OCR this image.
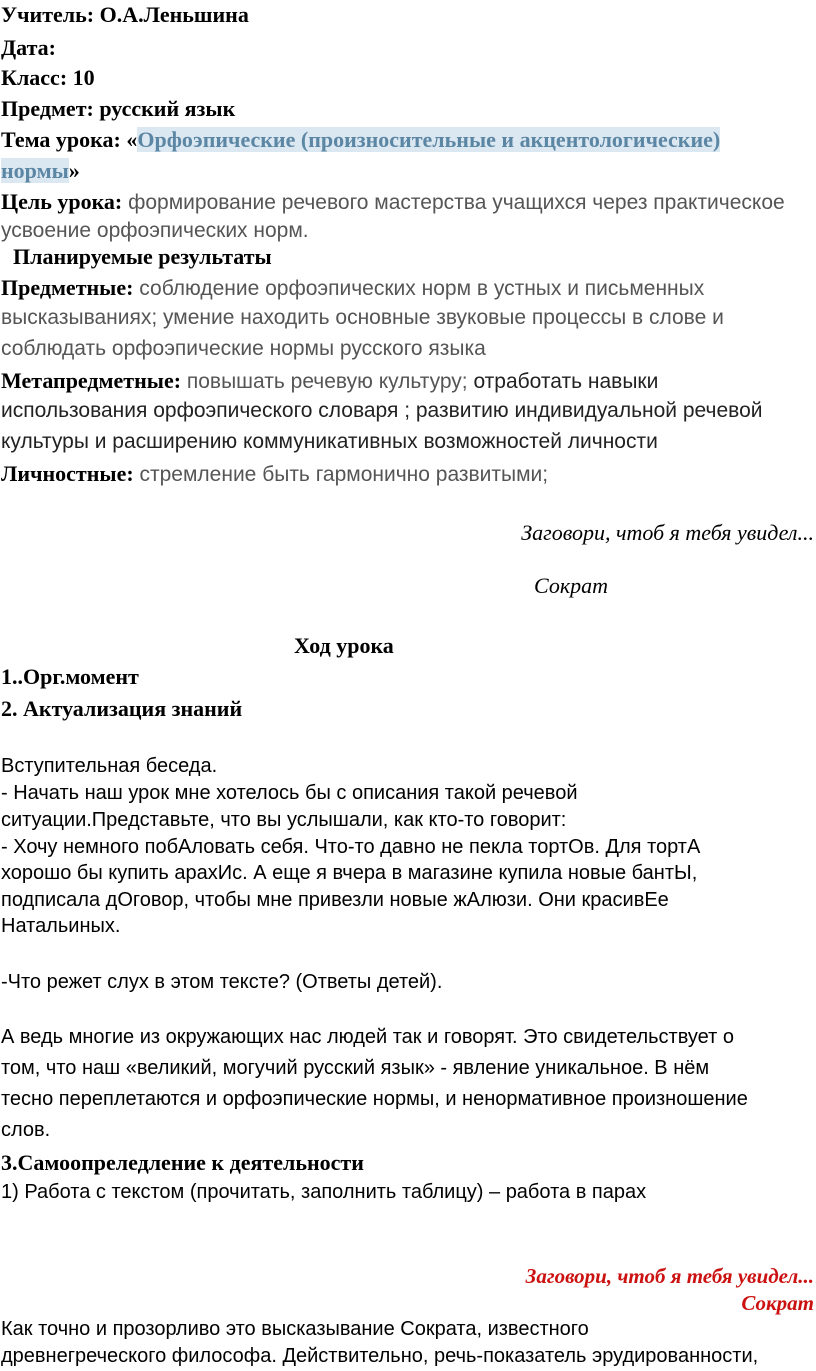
Учитель: О.А.Леньшина
Дата:
Класс: 10
Предмет: русский язык
Тема урока: «Орфоэпические (произносительные и акцентологические)
нормы»
Цель урока: формирование речевого мастерства учащихся через практическое
усвоение орфоэпических норм.
Планируемые результаты
Предметные: соблюдение орфоэпических норм в устных и письменных
высказываниях; умение находить основные звуковые процессы в слове и
соблюдать орфоэпические нормы русского языка
Метапредметные: повышать речевую культуру; отработать навыки
использования орфоэпического словаря ; развитию индивидуальной речевой
культуры и расширению коммуникативных возможностей личности
Личностные: стремление быть гармонично развитыми;
Заговори, чтоб я тебя увидел...
Сократ
Ход урока
1..Орг.момент
2. Актуализация знаний
Вступительная беседа.
- Начать наш урок мне хотелось бы с описания такой речевой
ситуации.Представьте, что вы услышали, как кто-то говорит:
- Хочу немного побАловать себя. Что-то давно не пекла тортОв. Для тортА
хорошо бы купить арахИс. А еще я вчера в магазине купила новые бантЫ,
подписала дОговор, чтобы мне привезли новые жАлюзи. Они красивЕе
Натальиных.
-Что режет слух в этом тексте? (Ответы детей).
А ведь многие из окружающих нас людей так и говорят. Это свидетельствует о
том, что наш «великий, могучий русский язык» - явление уникальное. В нём
тесно переплетаются и орфоэпические нормы, и ненормативное произношение
слов.
3.Самоопреледление к деятельности
1) Работа с текстом (прочитать, заполнить таблицу) – работа в парах
Заговори, чтоб я тебя увидел...
Сократ
Как точно и прозорливо это высказывание Сократа, известного
древнегреческого философа. Действительно, речь-показатель эрудированности,
